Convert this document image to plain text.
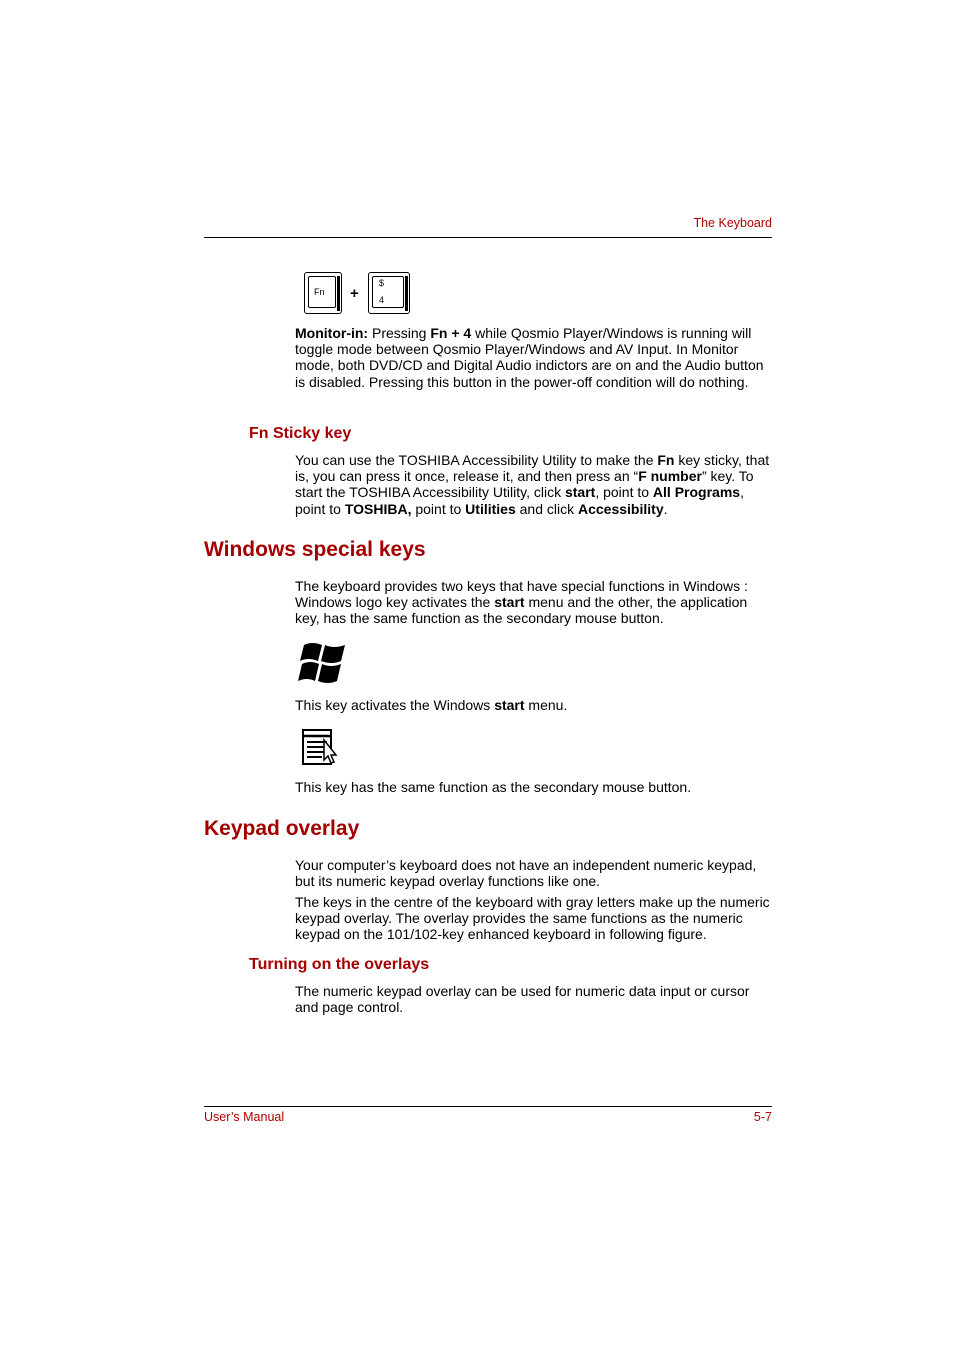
The Keyboard
Fn +
$
4
Monitor-in: Pressing Fn + 4 while Qosmio Player/Windows is running will toggle mode between Qosmio Player/Windows and AV Input. In Monitor mode, both DVD/CD and Digital Audio indictors are on and the Audio button is disabled. Pressing this button in the power-off condition will do nothing.
Fn Sticky key
You can use the TOSHIBA Accessibility Utility to make the Fn key sticky, that is, you can press it once, release it, and then press an “F number” key. To start the TOSHIBA Accessibility Utility, click start, point to All Programs, point to TOSHIBA, point to Utilities and click Accessibility.
Windows special keys
The keyboard provides two keys that have special functions in Windows : Windows logo key activates the start menu and the other, the application key, has the same function as the secondary mouse button.
This key activates the Windows start menu.
This key has the same function as the secondary mouse button.
Keypad overlay
Your computer’s keyboard does not have an independent numeric keypad, but its numeric keypad overlay functions like one.
The keys in the centre of the keyboard with gray letters make up the numeric keypad overlay. The overlay provides the same functions as the numeric keypad on the 101/102-key enhanced keyboard in following figure.
Turning on the overlays
The numeric keypad overlay can be used for numeric data input or cursor and page control.
User’s Manual	5-7
